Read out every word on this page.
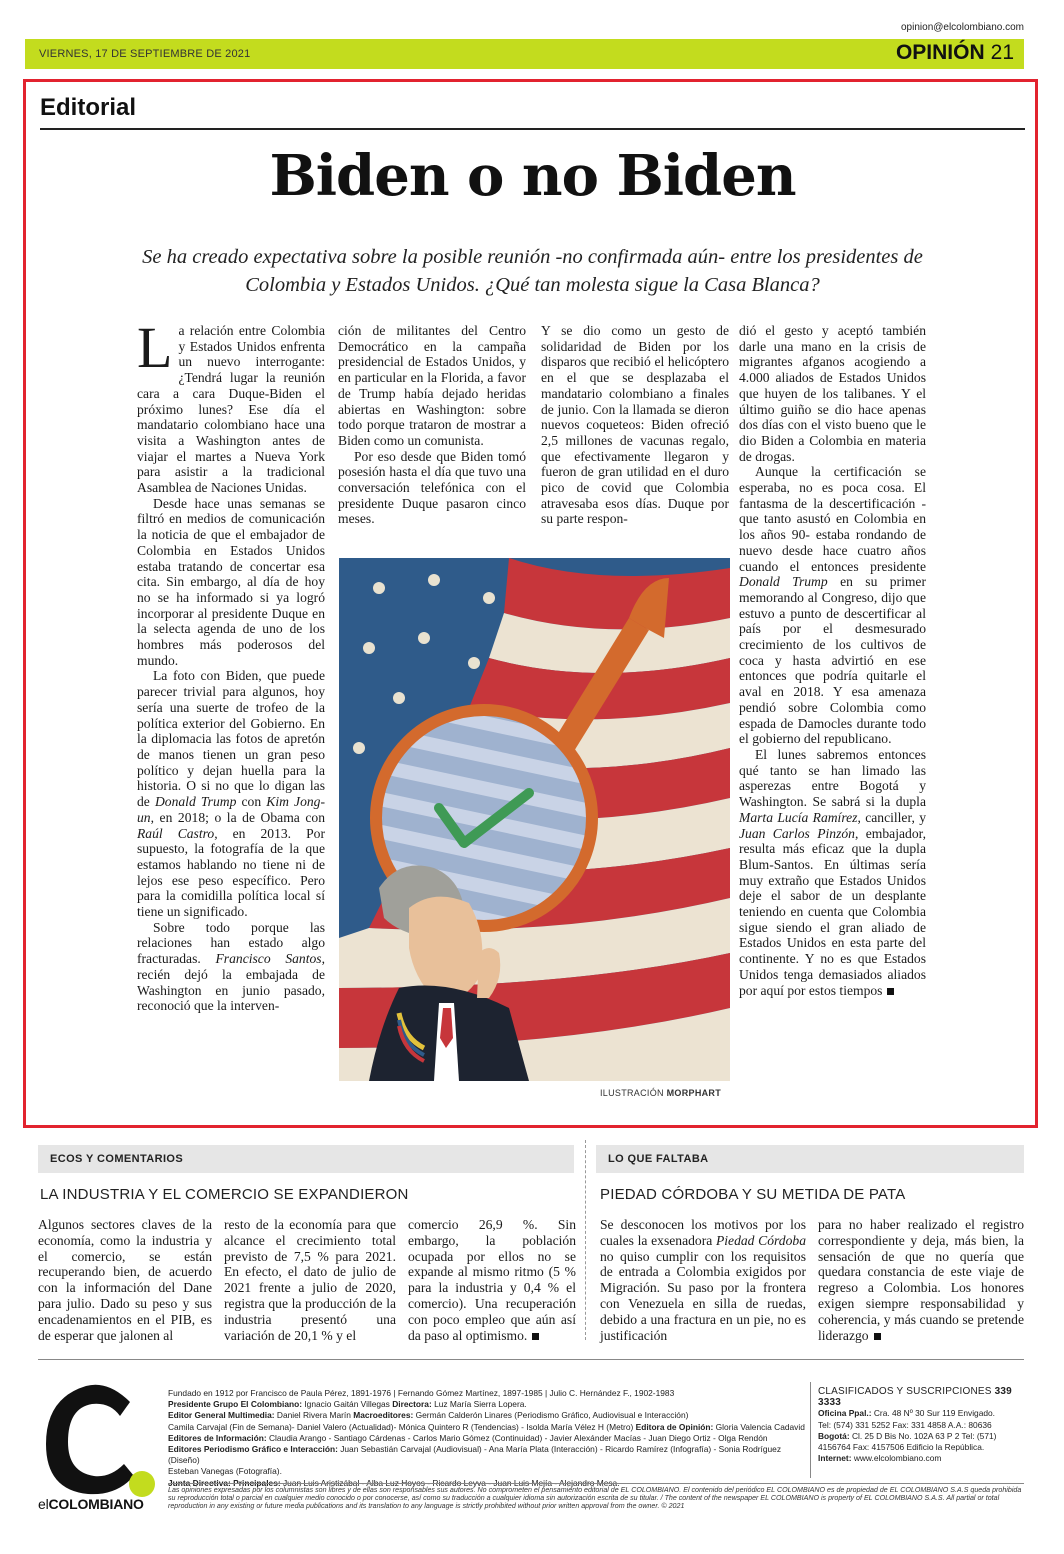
opinion@elcolombiano.com
VIERNES, 17 DE SEPTIEMBRE DE 2021	OPINIÓN 21
Editorial
Biden o no Biden
Se ha creado expectativa sobre la posible reunión -no confirmada aún- entre los presidentes de Colombia y Estados Unidos. ¿Qué tan molesta sigue la Casa Blanca?

La relación entre Colombia y Estados Unidos enfrenta un nuevo interrogante: ¿Tendrá lugar la reunión cara a cara Duque-Biden el próximo lunes? Ese día el mandatario colombiano hace una visita a Washington antes de viajar el martes a Nueva York para asistir a la tradicional Asamblea de Naciones Unidas.

Desde hace unas semanas se filtró en medios de comunicación la noticia de que el embajador de Colombia en Estados Unidos estaba tratando de concertar esa cita. Sin embargo, al día de hoy no se ha informado si ya logró incorporar al presidente Duque en la selecta agenda de uno de los hombres más poderosos del mundo.

La foto con Biden, que puede parecer trivial para algunos, hoy sería una suerte de trofeo de la política exterior del Gobierno. En la diplomacia las fotos de apretón de manos tienen un gran peso político y dejan huella para la historia. O si no que lo digan las de Donald Trump con Kim Jong-un, en 2018; o la de Obama con Raúl Castro, en 2013. Por supuesto, la fotografía de la que estamos hablando no tiene ni de lejos ese peso específico. Pero para la comidilla política local sí tiene un significado.

Sobre todo porque las relaciones han estado algo fracturadas. Francisco Santos, recién dejó la embajada de Washington en junio pasado, reconoció que la interven-

ción de militantes del Centro Democrático en la campaña presidencial de Estados Unidos, y en particular en la Florida, a favor de Trump había dejado heridas abiertas en Washington: sobre todo porque trataron de mostrar a Biden como un comunista.

Por eso desde que Biden tomó posesión hasta el día que tuvo una conversación telefónica con el presidente Duque pasaron cinco meses.

Y se dio como un gesto de solidaridad de Biden por los disparos que recibió el helicóptero en el que se desplazaba el mandatario colombiano a finales de junio. Con la llamada se dieron nuevos coqueteos: Biden ofreció 2,5 millones de vacunas regalo, que efectivamente llegaron y fueron de gran utilidad en el duro pico de covid que Colombia atravesaba esos días. Duque por su parte respon-

dió el gesto y aceptó también darle una mano en la crisis de migrantes afganos acogiendo a 4.000 aliados de Estados Unidos que huyen de los talibanes. Y el último guiño se dio hace apenas dos días con el visto bueno que le dio Biden a Colombia en materia de drogas.

Aunque la certificación se esperaba, no es poca cosa. El fantasma de la descertificación -que tanto asustó en Colombia en los años 90- estaba rondando de nuevo desde hace cuatro años cuando el entonces presidente Donald Trump en su primer memorando al Congreso, dijo que estuvo a punto de descertificar al país por el desmesurado crecimiento de los cultivos de coca y hasta advirtió en ese entonces que podría quitarle el aval en 2018. Y esa amenaza pendió sobre Colombia como espada de Damocles durante todo el gobierno del republicano.

El lunes sabremos entonces qué tanto se han limado las asperezas entre Bogotá y Washington. Se sabrá si la dupla Marta Lucía Ramírez, canciller, y Juan Carlos Pinzón, embajador, resulta más eficaz que la dupla Blum-Santos. En últimas sería muy extraño que Estados Unidos deje el sabor de un desplante teniendo en cuenta que Colombia sigue siendo el gran aliado de Estados Unidos en esta parte del continente. Y no es que Estados Unidos tenga demasiados aliados por aquí por estos tiempos

ILUSTRACIÓN MORPHART
ECOS Y COMENTARIOS	LO QUE FALTABA
LA INDUSTRIA Y EL COMERCIO SE EXPANDIERON	PIEDAD CÓRDOBA Y SU METIDA DE PATA
Algunos sectores claves de la economía, como la industria y el comercio, se están recuperando bien, de acuerdo con la información del Dane para julio. Dado su peso y sus encadenamientos en el PIB, es de esperar que jalonen al
resto de la economía para que alcance el crecimiento total previsto de 7,5 % para 2021. En efecto, el dato de julio de 2021 frente a julio de 2020, registra que la producción de la industria presentó una variación de 20,1 % y el
comercio 26,9 %. Sin embargo, la población ocupada por ellos no se expande al mismo ritmo (5 % para la industria y 0,4 % el comercio). Una recuperación con poco empleo que aún así da paso al optimismo.
Se desconocen los motivos por los cuales la exsenadora Piedad Córdoba no quiso cumplir con los requisitos de entrada a Colombia exigidos por Migración. Su paso por la frontera con Venezuela en silla de ruedas, debido a una fractura en un pie, no es justificación
para no haber realizado el registro correspondiente y deja, más bien, la sensación de que no quería que quedara constancia de este viaje de regreso a Colombia. Los honores exigen siempre responsabilidad y coherencia, y más cuando se pretende liderazgo
elCOLOMBIANO
Fundado en 1912 por Francisco de Paula Pérez, 1891-1976 | Fernando Gómez Martínez, 1897-1985 | Julio C. Hernández F., 1902-1983
Presidente Grupo El Colombiano: Ignacio Gaitán Villegas Directora: Luz María Sierra Lopera.
Editor General Multimedia: Daniel Rivera Marín Macroeditores: Germán Calderón Linares (Periodismo Gráfico, Audiovisual e Interacción)
Camila Carvajal (Fin de Semana)- Daniel Valero (Actualidad)- Mónica Quintero R (Tendencias) - Isolda María Vélez H (Metro) Editora de Opinión: Gloria Valencia Cadavid
Editores de Información: Claudia Arango - Santiago Cárdenas - Carlos Mario Gómez (Continuidad) - Javier Alexánder Macías - Juan Diego Ortiz - Olga Rendón
Editores Periodismo Gráfico e Interacción: Juan Sebastián Carvajal (Audiovisual) - Ana María Plata (Interacción) - Ricardo Ramírez (Infografía) - Sonia Rodríguez (Diseño)
Esteban Vanegas (Fotografía).
CLASIFICADOS Y SUSCRIPCIONES 339 3333
Oficina Ppal.: Cra. 48 Nº 30 Sur 119 Envigado.
Tel: (574) 331 5252 Fax: 331 4858 A.A.: 80636
Bogotá: Cl. 25 D Bis No. 102A 63 P 2 Tel: (571)
4156764 Fax: 4157506 Edificio la República.
Internet: www.elcolombiano.com
Las opiniones expresadas por los columnistas son libres y de ellas son responsables sus autores. No comprometen el pensamiento editorial de EL COLOMBIANO. El contenido del periódico EL COLOMBIANO es de propiedad de EL COLOMBIANO S.A.S queda prohibida su reproducción total o parcial en cualquier medio conocido o por conocerse, así como su traducción a cualquier idioma sin autorización escrita de su titular. / The content of the newspaper EL COLOMBIANO is property of EL COLOMBIANO S.A.S. All partial or total reproduction in any existing or future media publications and its translation to any language is strictly prohibited without prior written approval from the owner. © 2021
